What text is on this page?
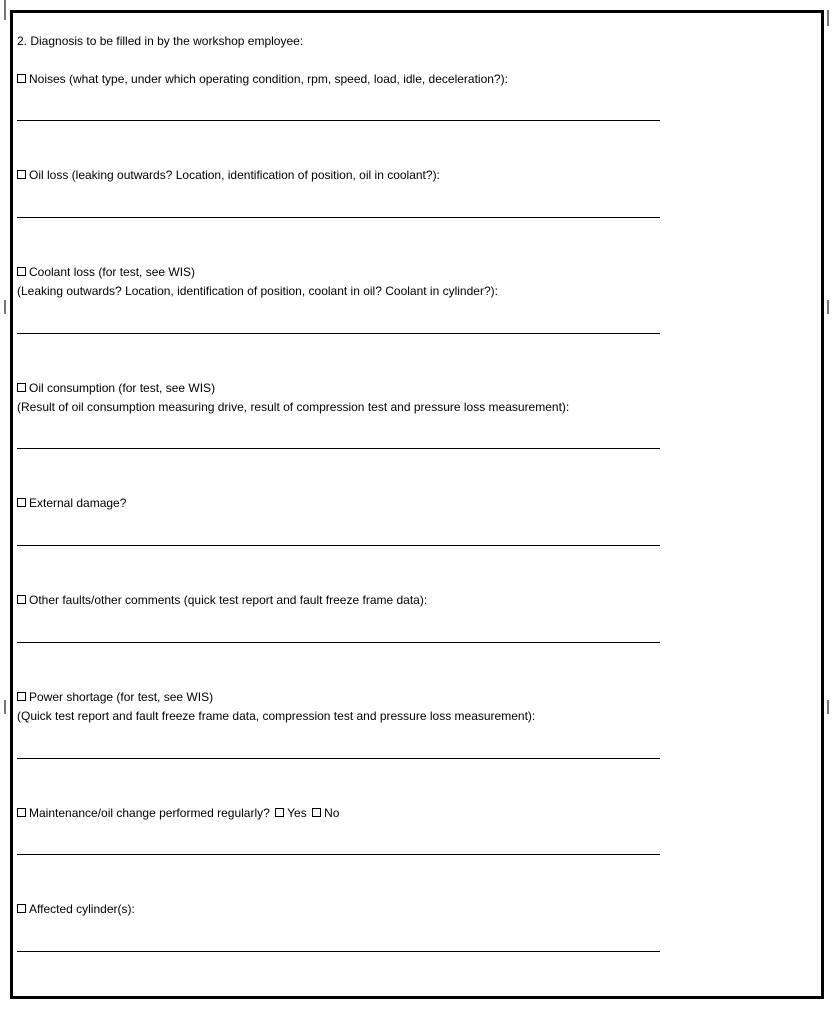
2. Diagnosis to be filled in by the workshop employee:
Noises (what type, under which operating condition, rpm, speed, load, idle, deceleration?):
Oil loss (leaking outwards? Location, identification of position, oil in coolant?):
Coolant loss (for test, see WIS)
(Leaking outwards? Location, identification of position, coolant in oil? Coolant in cylinder?):
Oil consumption (for test, see WIS)
(Result of oil consumption measuring drive, result of compression test and pressure loss measurement):
External damage?
Other faults/other comments (quick test report and fault freeze frame data):
Power shortage (for test, see WIS)
(Quick test report and fault freeze frame data, compression test and pressure loss measurement):
Maintenance/oil change performed regularly? Yes No
Affected cylinder(s):
